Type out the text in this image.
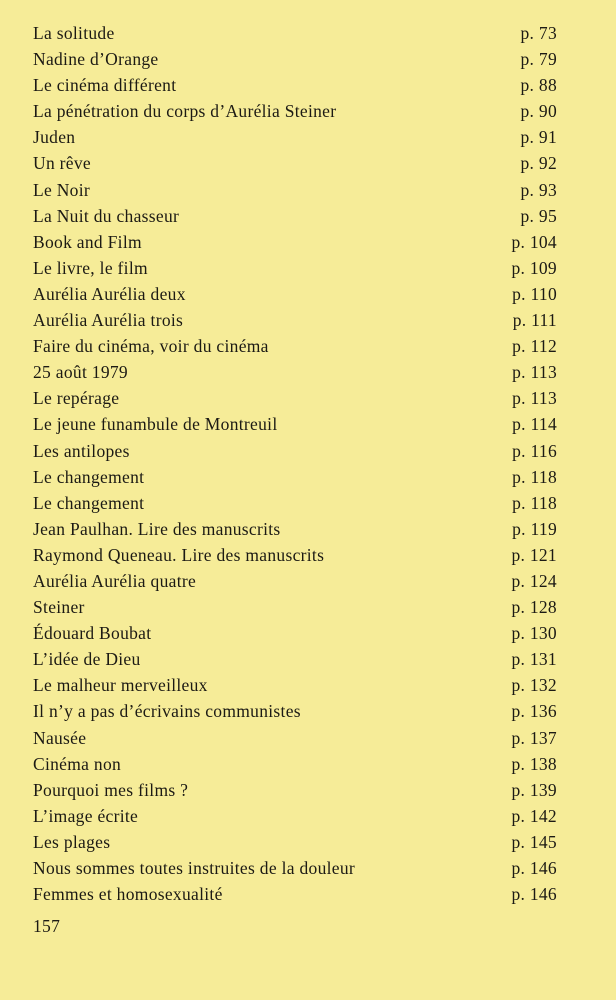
La solitude	p. 73
Nadine d’Orange	p. 79
Le cinéma différent	p. 88
La pénétration du corps d’Aurélia Steiner	p. 90
Juden	p. 91
Un rêve	p. 92
Le Noir	p. 93
La Nuit du chasseur	p. 95
Book and Film	p. 104
Le livre, le film	p. 109
Aurélia Aurélia deux	p. 110
Aurélia Aurélia trois	p. 111
Faire du cinéma, voir du cinéma	p. 112
25 août 1979	p. 113
Le repérage	p. 113
Le jeune funambule de Montreuil	p. 114
Les antilopes	p. 116
Le changement	p. 118
Le changement	p. 118
Jean Paulhan. Lire des manuscrits	p. 119
Raymond Queneau. Lire des manuscrits	p. 121
Aurélia Aurélia quatre	p. 124
Steiner	p. 128
Édouard Boubat	p. 130
L’idée de Dieu	p. 131
Le malheur merveilleux	p. 132
Il n’y a pas d’écrivains communistes	p. 136
Nausée	p. 137
Cinéma non	p. 138
Pourquoi mes films ?	p. 139
L’image écrite	p. 142
Les plages	p. 145
Nous sommes toutes instruites de la douleur	p. 146
Femmes et homosexualité	p. 146
157
